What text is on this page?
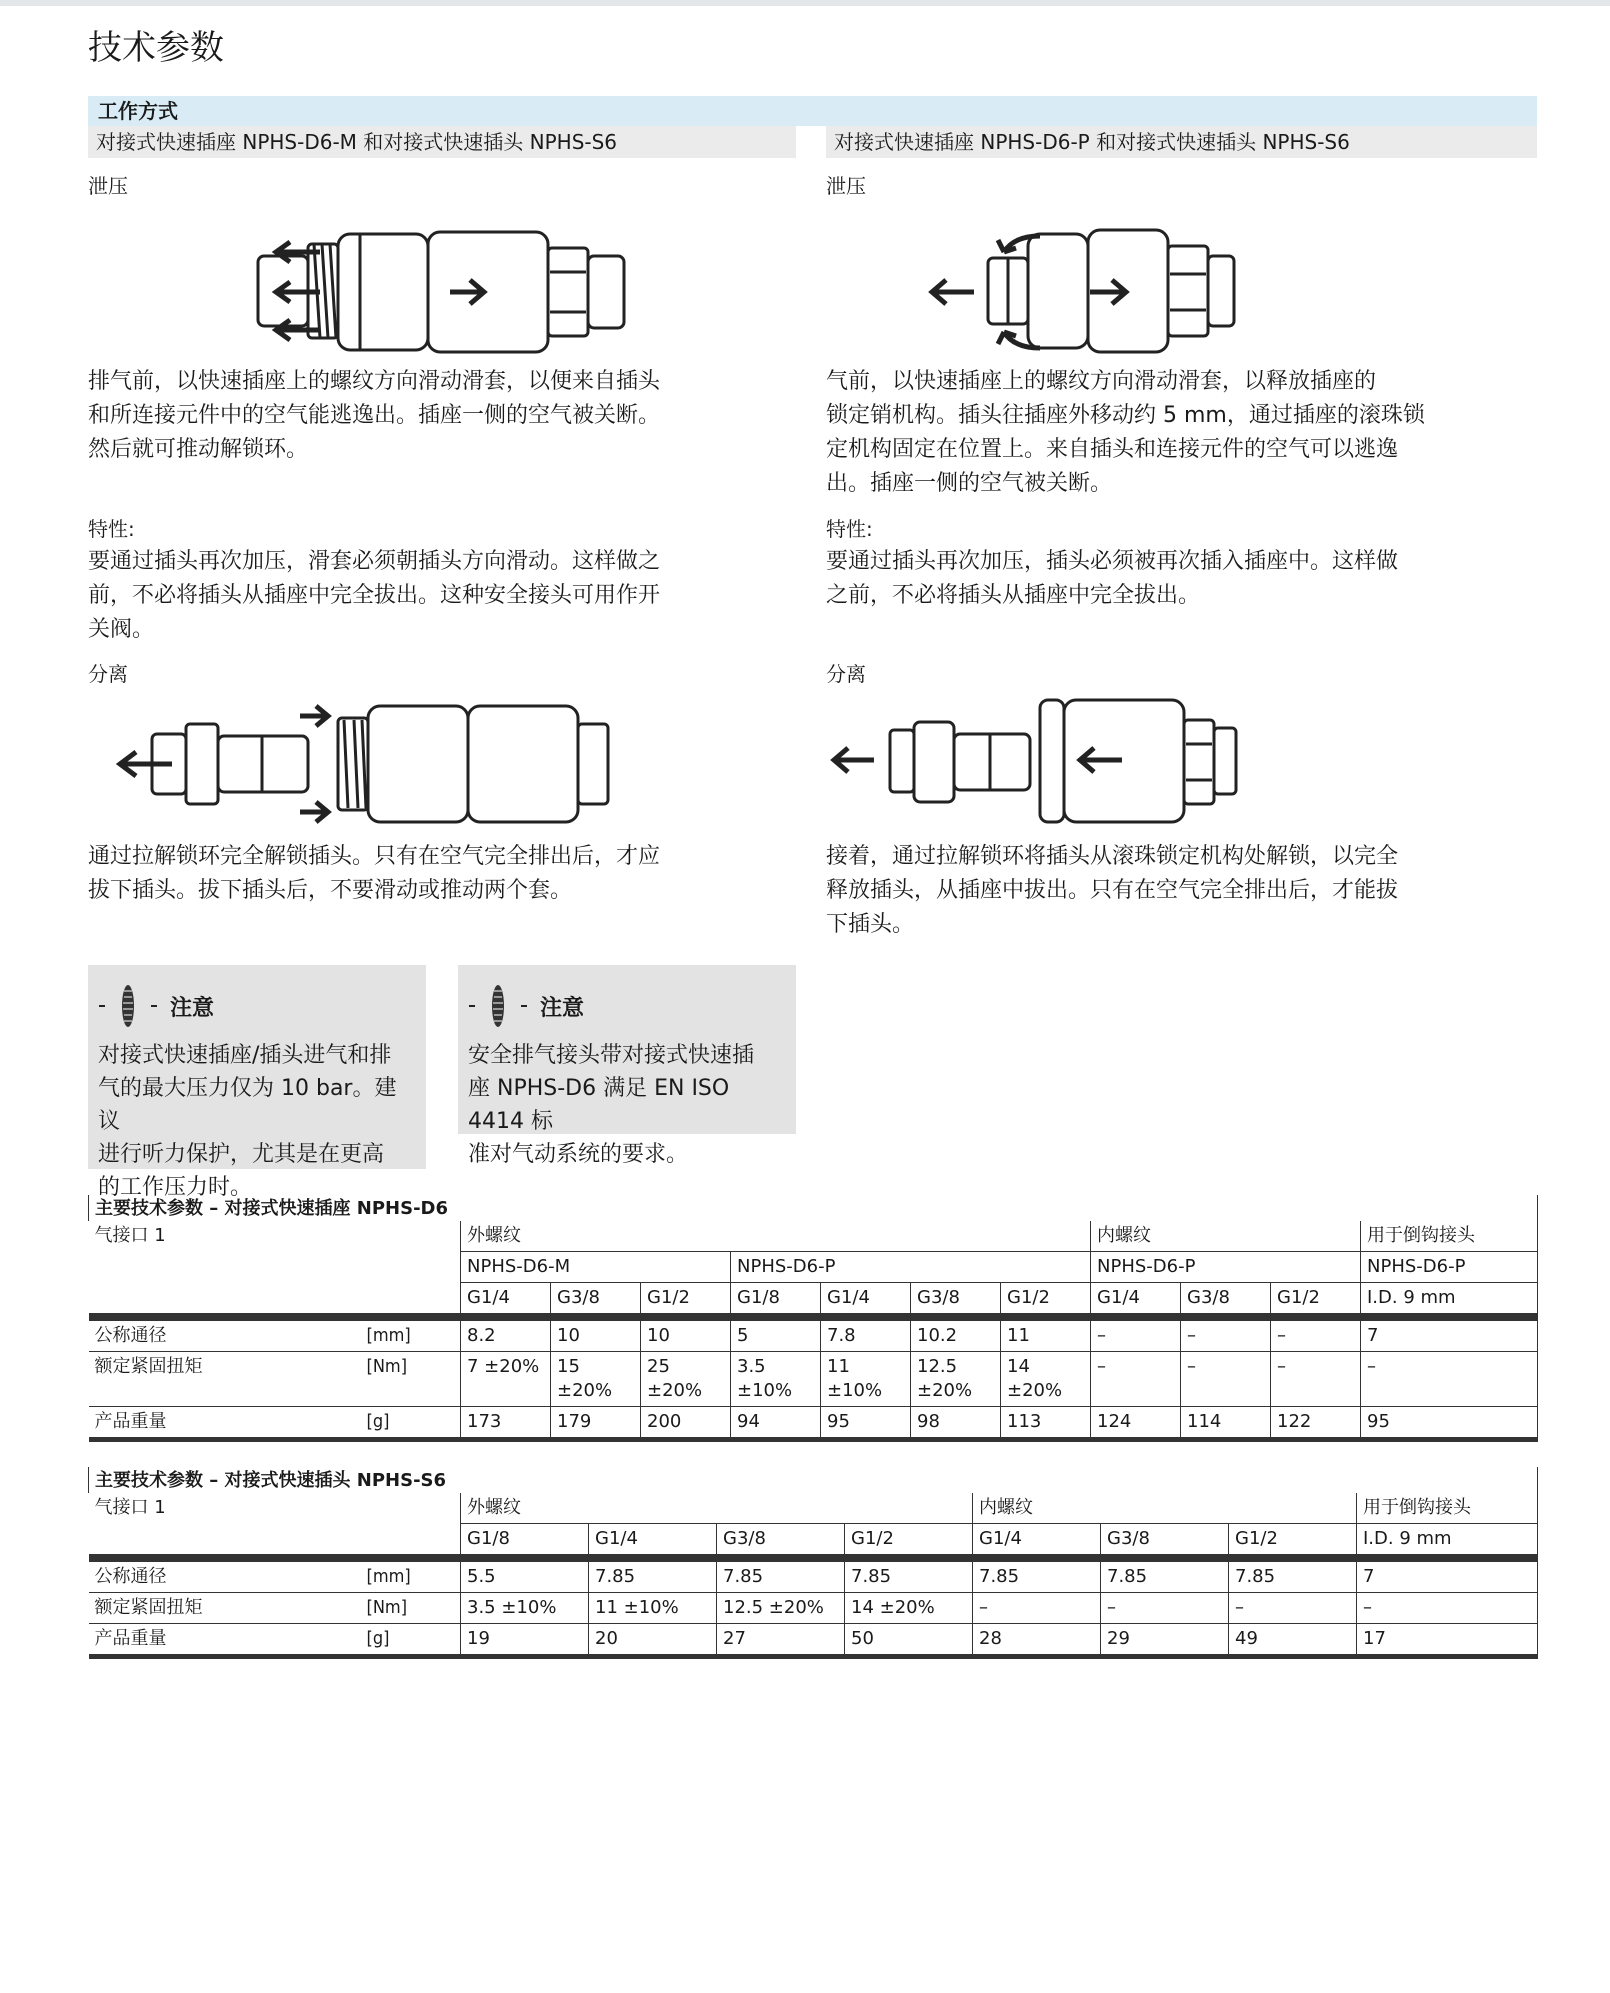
技术参数
工作方式
对接式快速插座 NPHS-D6-M 和对接式快速插头 NPHS-S6	对接式快速插座 NPHS-D6-P 和对接式快速插头 NPHS-S6
泄压
排气前，以快速插座上的螺纹方向滑动滑套，以便来自插头
和所连接元件中的空气能逃逸出。插座一侧的空气被关断。
然后就可推动解锁环。
特性:
要通过插头再次加压，滑套必须朝插头方向滑动。这样做之
前，不必将插头从插座中完全拔出。这种安全接头可用作开
关阀。
分离
通过拉解锁环完全解锁插头。只有在空气完全排出后，才应
拔下插头。拔下插头后，不要滑动或推动两个套。
泄压
气前，以快速插座上的螺纹方向滑动滑套，以释放插座的
锁定销机构。插头往插座外移动约 5 mm，通过插座的滚珠锁
定机构固定在位置上。来自插头和连接元件的空气可以逃逸
出。插座一侧的空气被关断。
特性:
要通过插头再次加压，插头必须被再次插入插座中。这样做
之前，不必将插头从插座中完全拔出。
分离
接着，通过拉解锁环将插头从滚珠锁定机构处解锁，以完全
释放插头，从插座中拔出。只有在空气完全排出后，才能拔
下插头。
注意
对接式快速插座/插头进气和排
气的最大压力仅为 10 bar。建议
进行听力保护，尤其是在更高
的工作压力时。
注意
安全排气接头带对接式快速插
座 NPHS-D6 满足 EN ISO 4414 标
准对气动系统的要求。
主要技术参数 – 对接式快速插座 NPHS-D6												
气接口 1		外螺纹							内螺纹			用于倒钩接头
		NPHS-D6-M			NPHS-D6-P				NPHS-D6-P			NPHS-D6-P
		G1/4	G3/8	G1/2	G1/8	G1/4	G3/8	G1/2	G1/4	G3/8	G1/2	I.D. 9 mm
公称通径	[mm]	8.2	10	10	5	7.8	10.2	11	–	–	–	7
额定紧固扭矩	[Nm]	7 ±20%	15 ±20%	25 ±20%	3.5 ±10%	11 ±10%	12.5 ±20%	14 ±20%	–	–	–	–
产品重量	[g]	173	179	200	94	95	98	113	124	114	122	95
主要技术参数 – 对接式快速插头 NPHS-S6									
气接口 1		外螺纹				内螺纹			用于倒钩接头
		G1/8	G1/4	G3/8	G1/2	G1/4	G3/8	G1/2	I.D. 9 mm
公称通径	[mm]	5.5	7.85	7.85	7.85	7.85	7.85	7.85	7
额定紧固扭矩	[Nm]	3.5 ±10%	11 ±10%	12.5 ±20%	14 ±20%	–	–	–	–
产品重量	[g]	19	20	27	50	28	29	49	17
